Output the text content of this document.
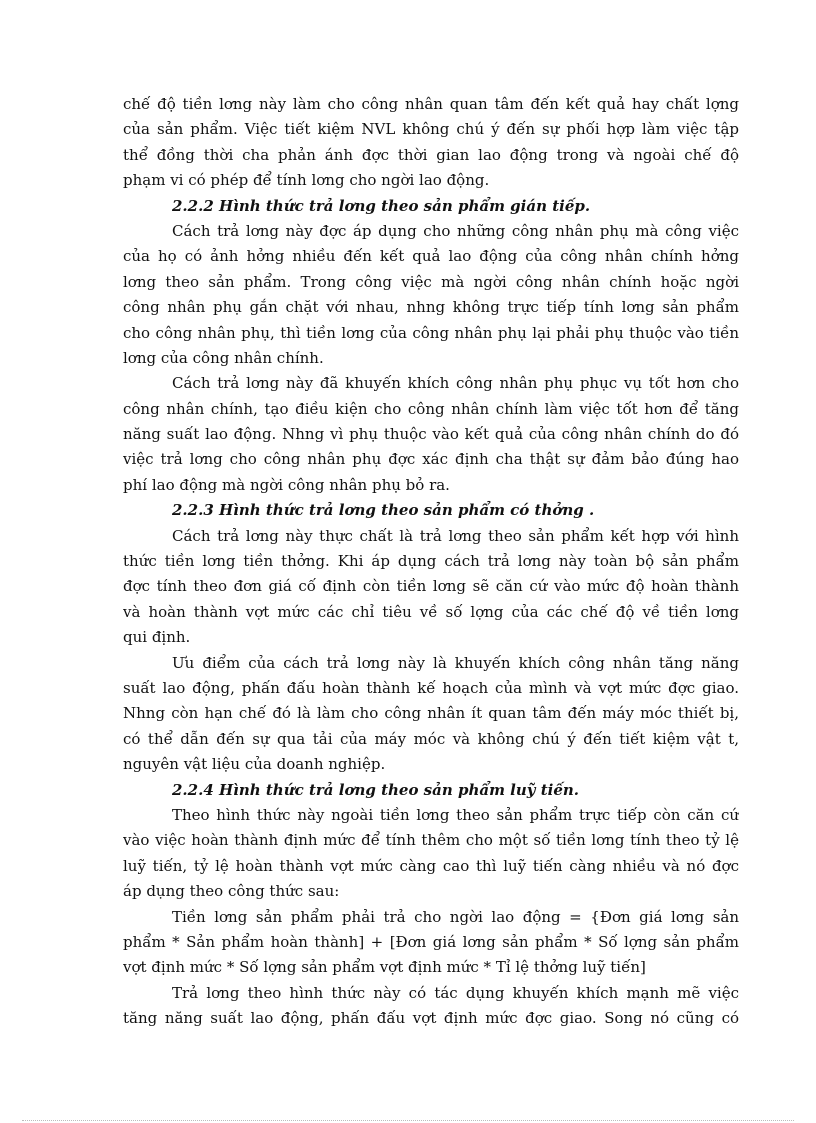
chế độ tiền lơng này làm cho công nhân quan tâm đến kết quả hay chất lợng
của sản phẩm. Việc tiết kiệm NVL không chú ý đến sự phối hợp làm việc tập
thể đồng thời cha phản ánh đợc thời gian lao động trong và ngoài chế độ
phạm vi có phép để tính lơng cho ngời lao động.
2.2.2 Hình thức trả lơng theo sản phẩm gián tiếp.
Cách trả lơng này đợc áp dụng cho những công nhân phụ mà công việc
của họ có ảnh hởng nhiều đến kết quả lao động của công nhân chính hởng
lơng theo sản phẩm. Trong công việc mà ngời công nhân chính hoặc ngời
công nhân phụ gắn chặt với nhau, nhng không trực tiếp tính lơng sản phẩm
cho công nhân phụ, thì tiền lơng của công nhân phụ lại phải phụ thuộc vào tiền
lơng của công nhân chính.
Cách trả lơng này đã khuyến khích công nhân phụ phục vụ tốt hơn cho
công nhân chính, tạo điều kiện cho công nhân chính làm việc tốt hơn để tăng
năng suất lao động. Nhng vì phụ thuộc vào kết quả của công nhân chính do đó
việc trả lơng cho công nhân phụ đợc xác định cha thật sự đảm bảo đúng hao
phí lao động mà ngời công nhân phụ bỏ ra.
2.2.3 Hình thức trả lơng theo sản phẩm có thởng .
Cách trả lơng này thực chất là trả lơng theo sản phẩm kết hợp với hình
thức tiền lơng tiền thởng. Khi áp dụng cách trả lơng này toàn bộ sản phẩm
đợc tính theo đơn giá cố định còn tiền lơng sẽ căn cứ vào mức độ hoàn thành
và hoàn thành vợt mức các chỉ tiêu về số lợng của các chế độ về tiền lơng
qui định.
Ưu điểm của cách trả lơng này là khuyến khích công nhân tăng năng
suất lao động, phấn đấu hoàn thành kế hoạch của mình và vợt mức đợc giao.
Nhng còn hạn chế đó là làm cho công nhân ít quan tâm đến máy móc thiết bị,
có thể dẫn đến sự qua tải của máy móc và không chú ý đến tiết kiệm vật t,
nguyên vật liệu của doanh nghiệp.
2.2.4 Hình thức trả lơng theo sản phẩm luỹ tiến.
Theo hình thức này ngoài tiền lơng theo sản phẩm trực tiếp còn căn cứ
vào việc hoàn thành định mức để tính thêm cho một số tiền lơng tính theo tỷ lệ
luỹ tiến, tỷ lệ hoàn thành vợt mức càng cao thì luỹ tiến càng nhiều và nó đợc
áp dụng theo công thức sau:
Tiền lơng sản phẩm phải trả cho ngời lao động = {Đơn giá lơng sản
phẩm * Sản phẩm hoàn thành] + [Đơn giá lơng sản phẩm * Số lợng sản phẩm
vợt định mức * Số lợng sản phẩm vợt định mức * Tỉ lệ thởng luỹ tiến]
Trả lơng theo hình thức này có tác dụng khuyến khích mạnh mẽ việc
tăng năng suất lao động, phấn đấu vợt định mức đợc giao. Song nó cũng có
